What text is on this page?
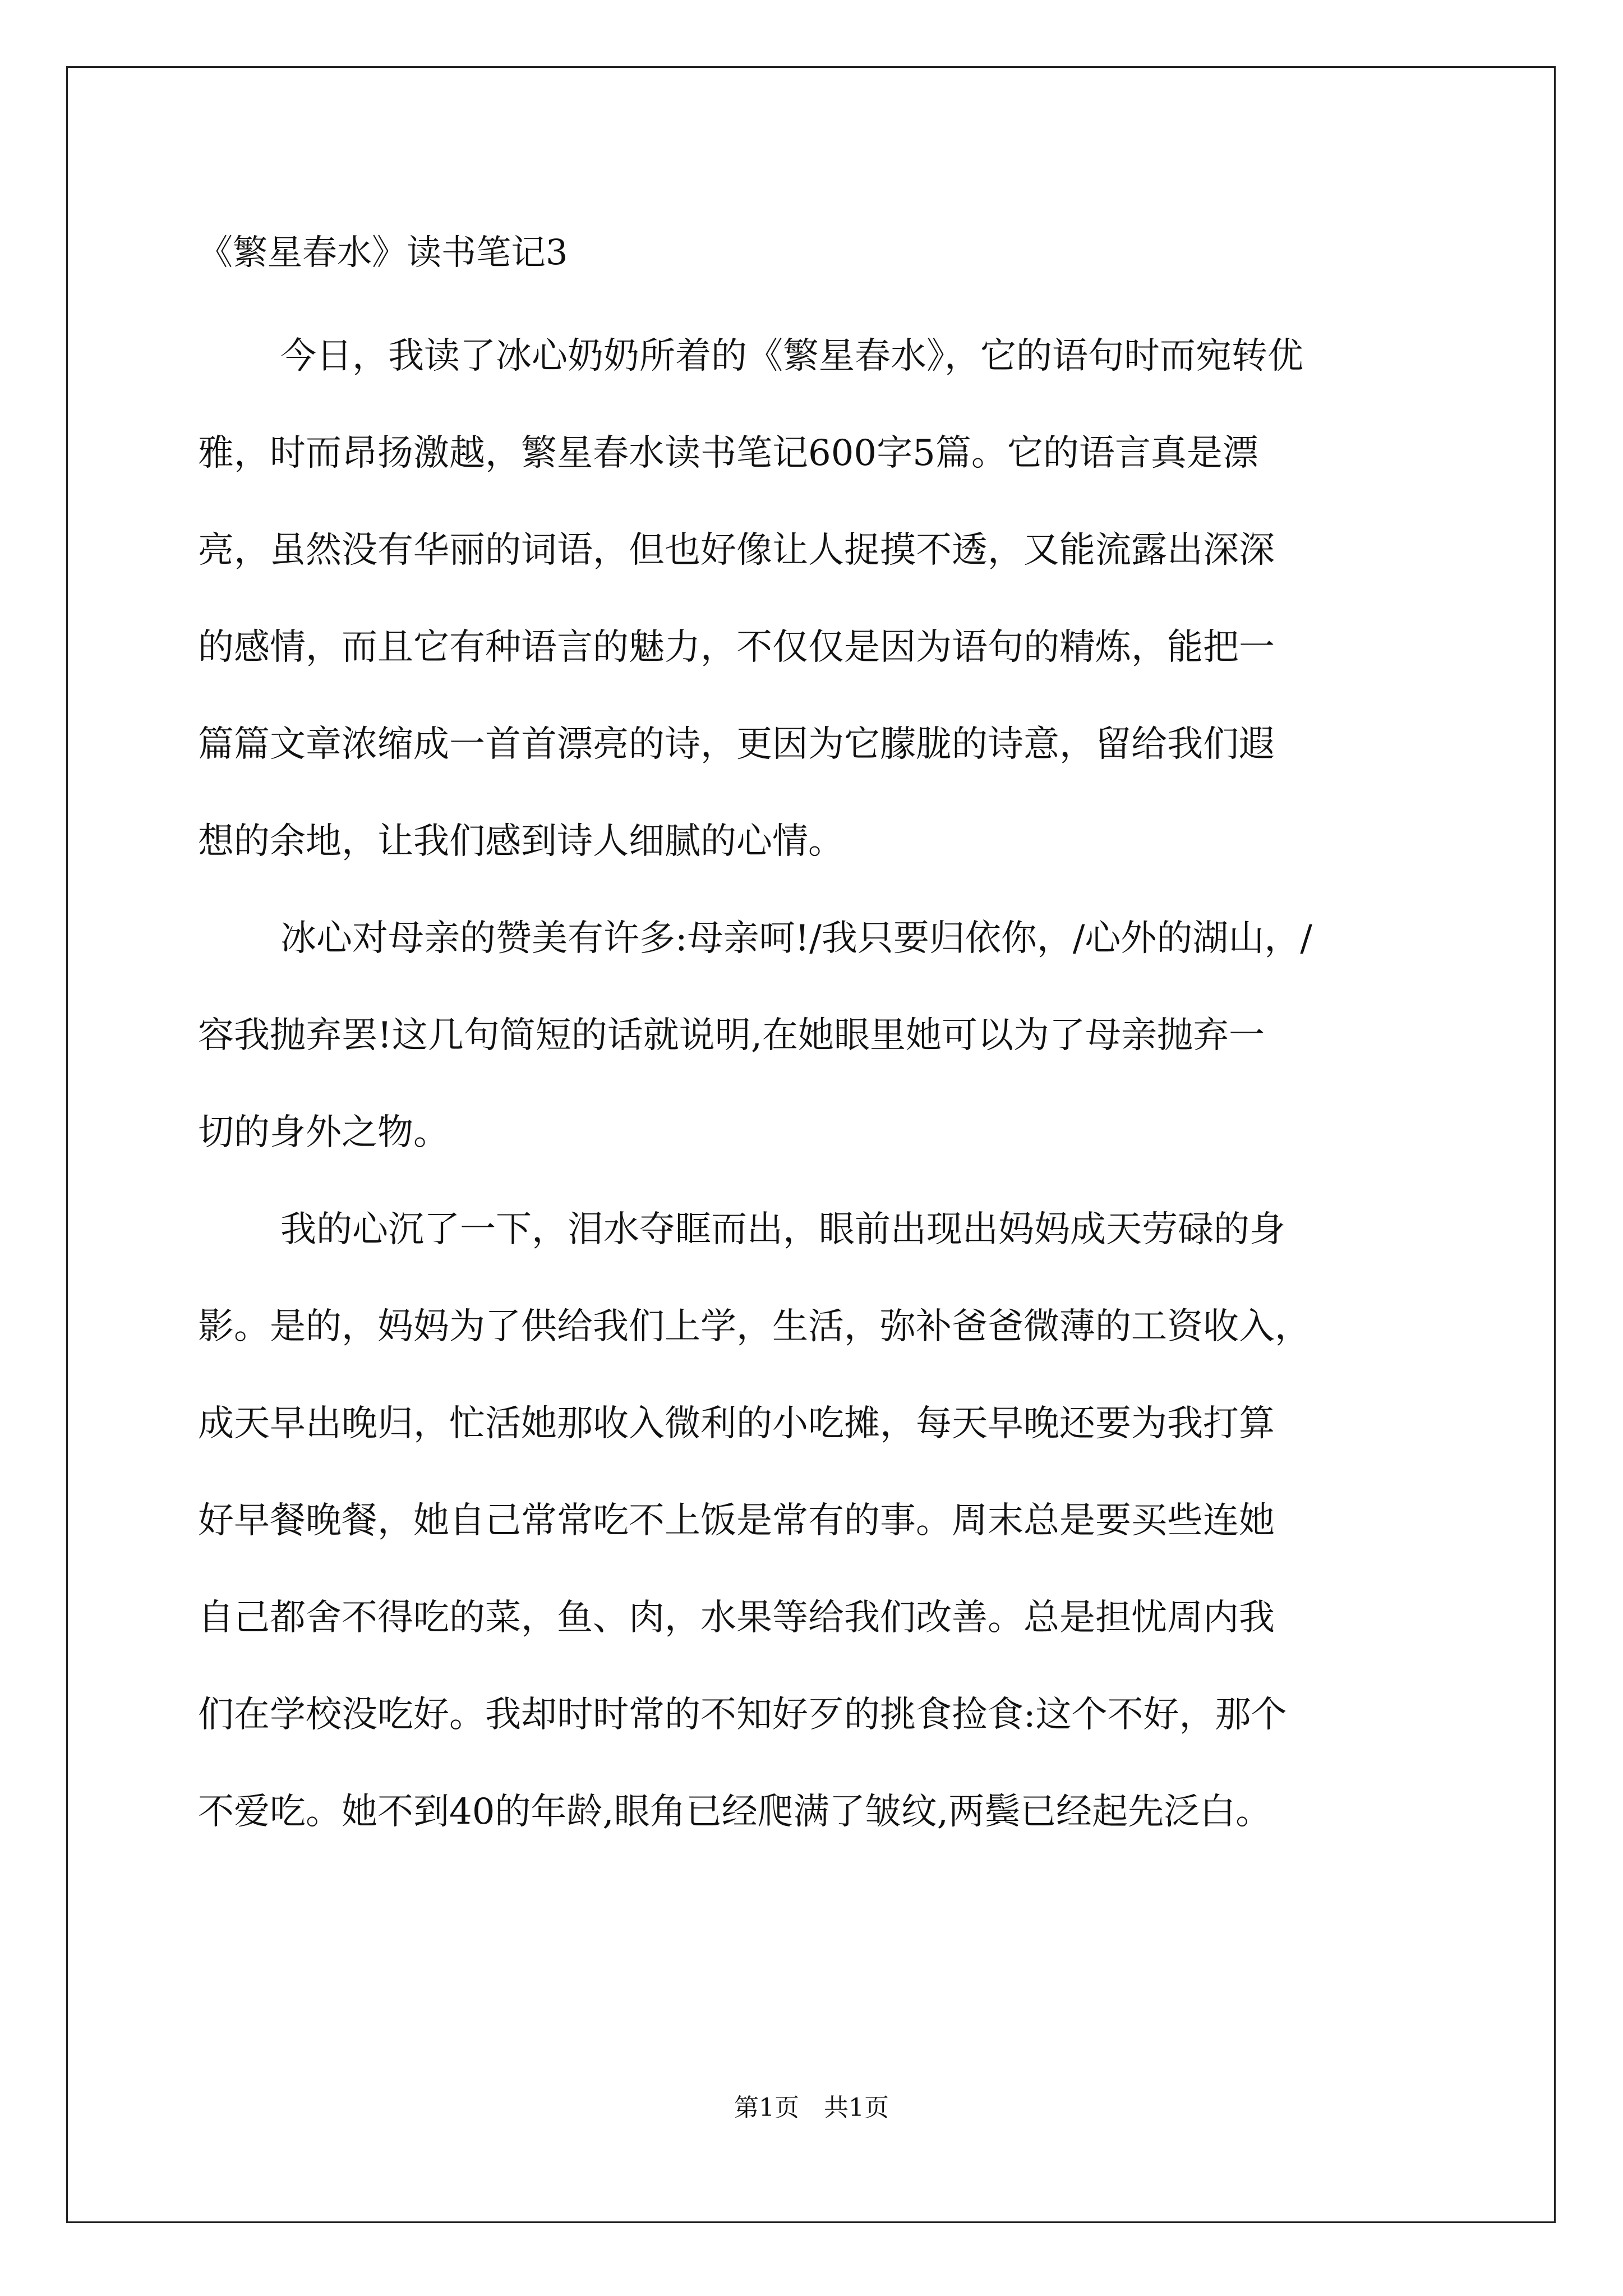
《繁星春水》读书笔记3

今日，我读了冰心奶奶所着的《繁星春水》，它的语句时而宛转优

雅，时而昂扬激越，繁星春水读书笔记600字5篇。它的语言真是漂

亮，虽然没有华丽的词语，但也好像让人捉摸不透，又能流露出深深

的感情，而且它有种语言的魅力，不仅仅是因为语句的精炼，能把一

篇篇文章浓缩成一首首漂亮的诗，更因为它朦胧的诗意，留给我们遐

想的余地，让我们感到诗人细腻的心情。

冰心对母亲的赞美有许多:母亲呵!/我只要归依你，/心外的湖山，/

容我抛弃罢!这几句简短的话就说明,在她眼里她可以为了母亲抛弃一

切的身外之物。

我的心沉了一下，泪水夺眶而出，眼前出现出妈妈成天劳碌的身

影。是的，妈妈为了供给我们上学，生活，弥补爸爸微薄的工资收入，

成天早出晚归，忙活她那收入微利的小吃摊，每天早晚还要为我打算

好早餐晚餐，她自己常常吃不上饭是常有的事。周末总是要买些连她

自己都舍不得吃的菜，鱼、肉，水果等给我们改善。总是担忧周内我

们在学校没吃好。我却时时常的不知好歹的挑食捡食:这个不好，那个

不爱吃。她不到40的年龄,眼角已经爬满了皱纹,两鬓已经起先泛白。

第1页　共1页
